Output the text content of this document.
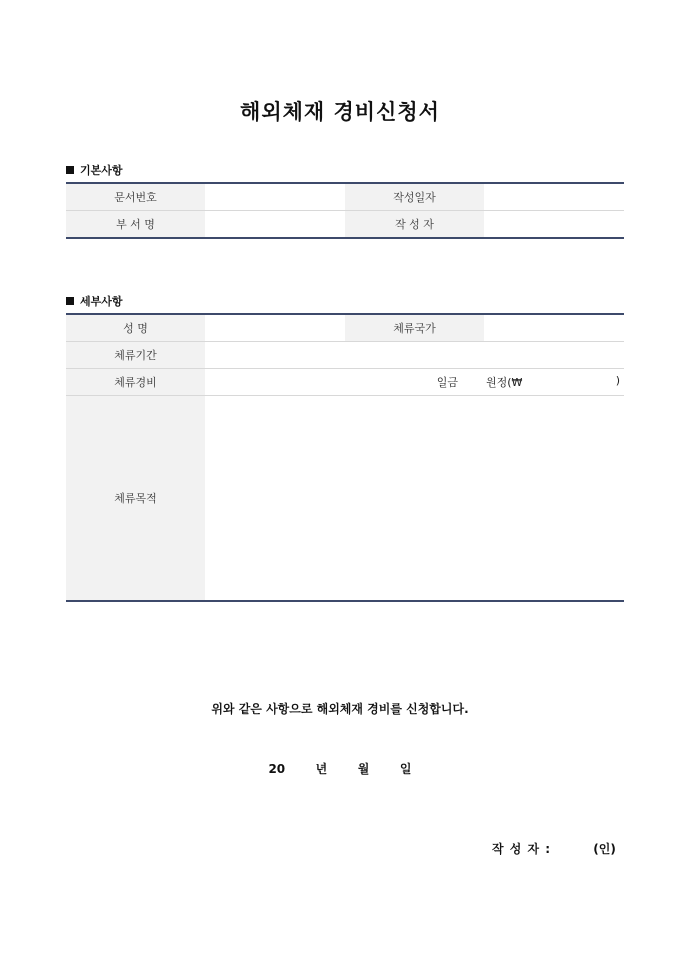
해외체재 경비신청서
기본사항
문서번호		작성일자	
부 서 명		작 성 자	
세부사항
성 명		체류국가	
체류기간			
체류경비	일금		원정(₩ )

체류목적			
위와 같은 사항으로 해외체재 경비를 신청합니다.
20   년   월   일
작 성 자 :	(인)
